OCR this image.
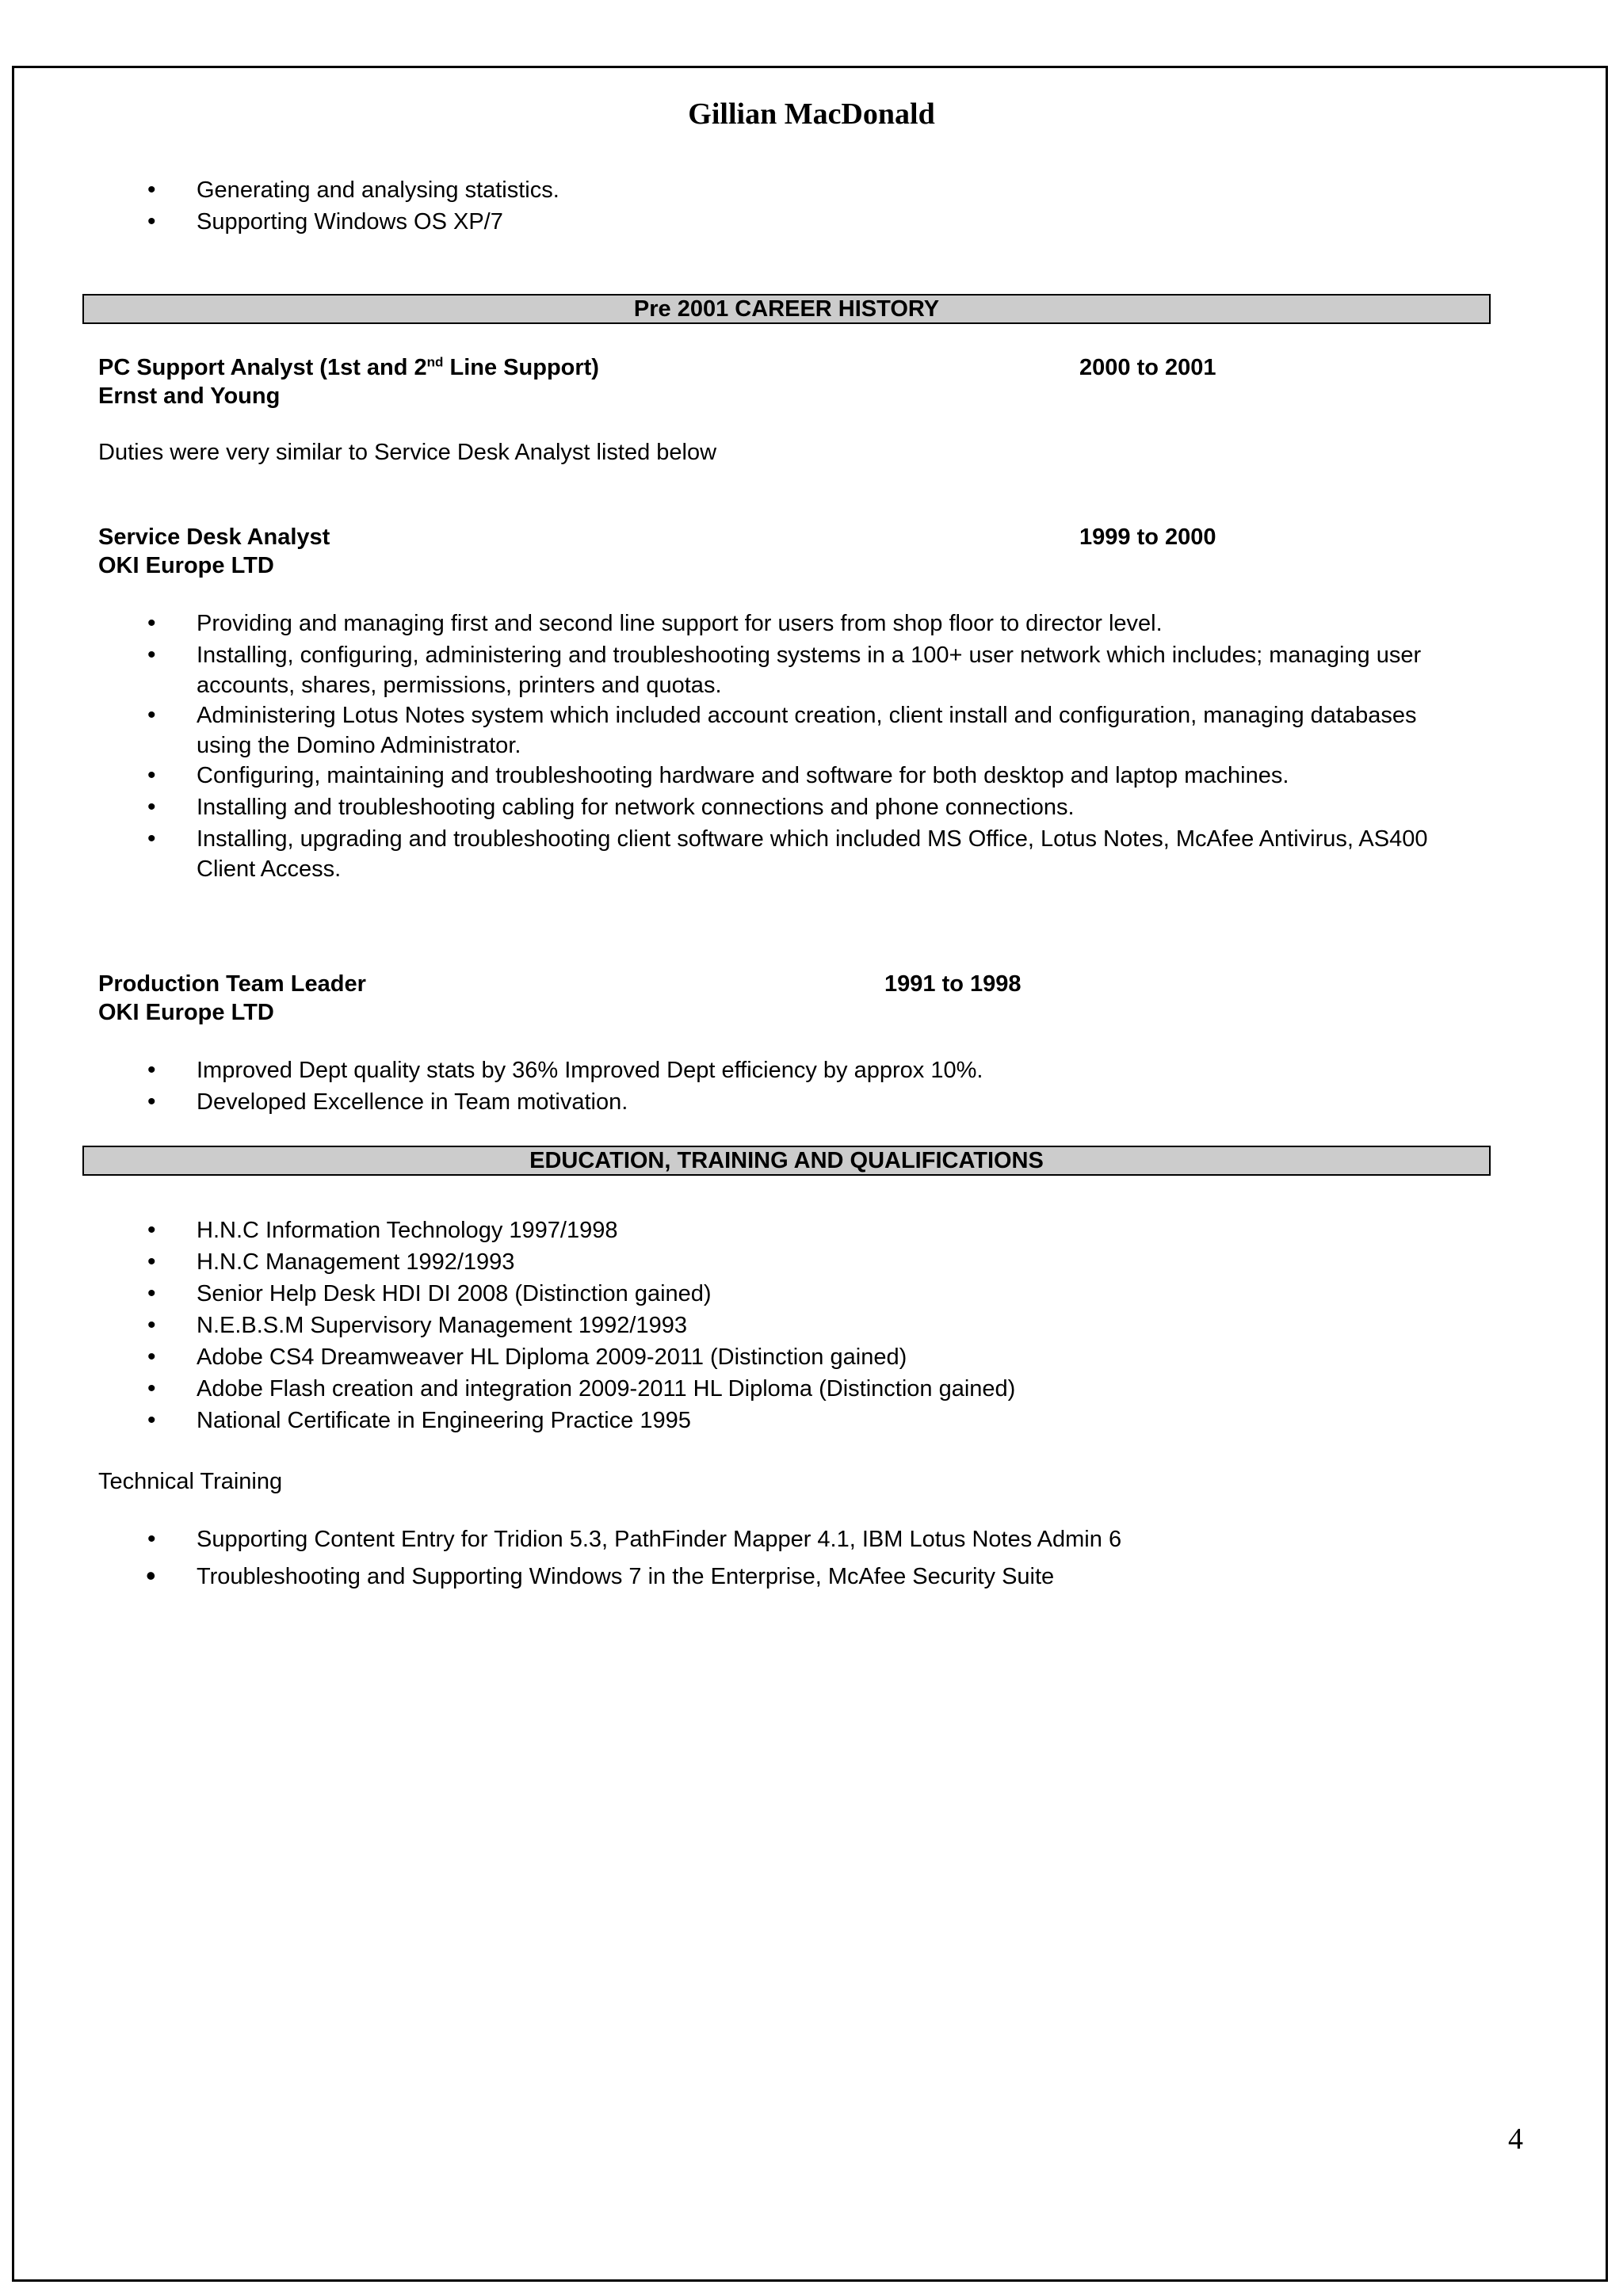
Gillian MacDonald
• Generating and analysing statistics.
• Supporting Windows OS XP/7
Pre 2001 CAREER HISTORY
PC Support Analyst (1st and 2nd Line Support)	2000 to 2001
Ernst and Young
Duties were very similar to Service Desk Analyst listed below
Service Desk Analyst	1999 to 2000
OKI Europe LTD
• Providing and managing first and second line support for users from shop floor to director level.
• Installing, configuring, administering and troubleshooting systems in a 100+ user network which includes; managing user
accounts, shares, permissions, printers and quotas.
• Administering Lotus Notes system which included account creation, client install and configuration, managing databases
using the Domino Administrator.
• Configuring, maintaining and troubleshooting hardware and software for both desktop and laptop machines.
• Installing and troubleshooting cabling for network connections and phone connections.
• Installing, upgrading and troubleshooting client software which included MS Office, Lotus Notes, McAfee Antivirus, AS400
Client Access.
Production Team Leader	1991 to 1998
OKI Europe LTD
• Improved Dept quality stats by 36% Improved Dept efficiency by approx 10%.
• Developed Excellence in Team motivation.
EDUCATION, TRAINING AND QUALIFICATIONS
• H.N.C Information Technology 1997/1998
• H.N.C Management 1992/1993
• Senior Help Desk HDI DI 2008 (Distinction gained)
• N.E.B.S.M Supervisory Management 1992/1993
• Adobe CS4 Dreamweaver HL Diploma 2009-2011 (Distinction gained)
• Adobe Flash creation and integration 2009-2011 HL Diploma (Distinction gained)
• National Certificate in Engineering Practice 1995
Technical Training
• Supporting Content Entry for Tridion 5.3, PathFinder Mapper 4.1, IBM Lotus Notes Admin 6
• Troubleshooting and Supporting Windows 7 in the Enterprise, McAfee Security Suite
4
